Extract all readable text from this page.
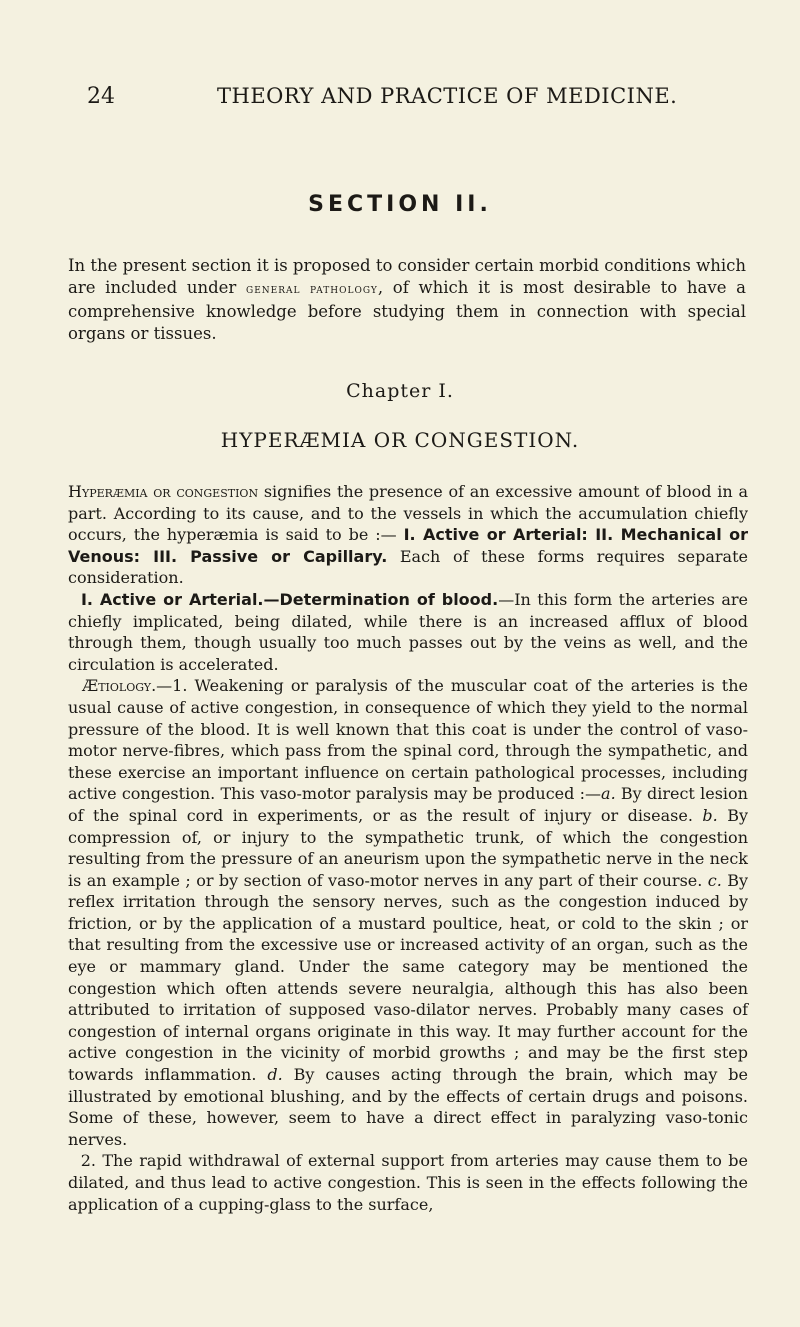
24	THEORY AND PRACTICE OF MEDICINE.
SECTION II.
In the present section it is proposed to consider certain morbid conditions which are included under general pathology, of which it is most desirable to have a comprehensive knowledge before studying them in connection with special organs or tissues.
Chapter I.
HYPERÆMIA OR CONGESTION.

Hyperæmia or congestion signifies the presence of an excessive amount of blood in a part. According to its cause, and to the vessels in which the accumulation chiefly occurs, the hyperæmia is said to be :— I. Active or Arterial: II. Mechanical or Venous: III. Passive or Capillary. Each of these forms requires separate consideration.

I. Active or Arterial.—Determination of blood.—In this form the arteries are chiefly implicated, being dilated, while there is an increased afflux of blood through them, though usually too much passes out by the veins as well, and the circulation is accelerated.

Ætiology.—1. Weakening or paralysis of the muscular coat of the arteries is the usual cause of active congestion, in consequence of which they yield to the normal pressure of the blood. It is well known that this coat is under the control of vaso-motor nerve-fibres, which pass from the spinal cord, through the sympathetic, and these exercise an important influence on certain pathological processes, including active congestion. This vaso-motor paralysis may be produced :—a. By direct lesion of the spinal cord in experiments, or as the result of injury or disease. b. By compression of, or injury to the sympathetic trunk, of which the congestion resulting from the pressure of an aneurism upon the sympathetic nerve in the neck is an example ; or by section of vaso-motor nerves in any part of their course. c. By reflex irritation through the sensory nerves, such as the congestion induced by friction, or by the application of a mustard poultice, heat, or cold to the skin ; or that resulting from the excessive use or increased activity of an organ, such as the eye or mammary gland. Under the same category may be mentioned the congestion which often attends severe neuralgia, although this has also been attributed to irritation of supposed vaso-dilator nerves. Probably many cases of congestion of internal organs originate in this way. It may further account for the active congestion in the vicinity of morbid growths ; and may be the first step towards inflammation. d. By causes acting through the brain, which may be illustrated by emotional blushing, and by the effects of certain drugs and poisons. Some of these, however, seem to have a direct effect in paralyzing vaso-tonic nerves.

2. The rapid withdrawal of external support from arteries may cause them to be dilated, and thus lead to active congestion. This is seen in the effects following the application of a cupping-glass to the surface,
